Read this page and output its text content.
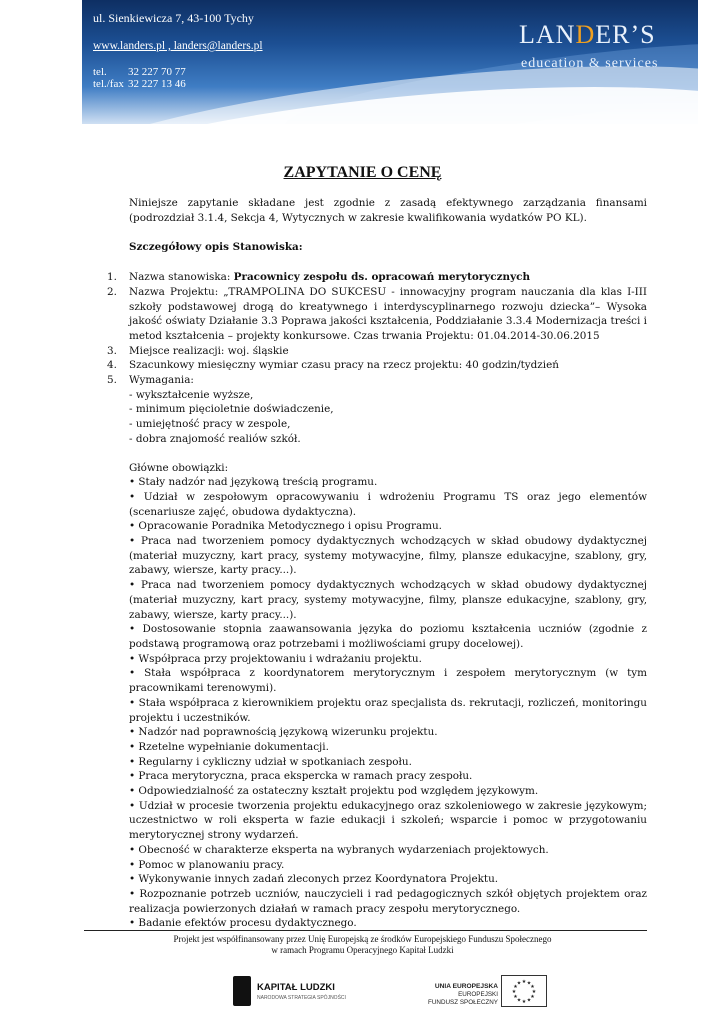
ul. Sienkiewicza 7, 43-100 Tychy
www.landers.pl , landers@landers.pl
tel. 32 227 70 77
tel./fax 32 227 13 46
LANDER’S
education & services
ZAPYTANIE O CENĘ

Niniejsze zapytanie składane jest zgodnie z zasadą efektywnego zarządzania finansami (podrozdział 3.1.4, Sekcja 4, Wytycznych w zakresie kwalifikowania wydatków PO KL).

Szczegółowy opis Stanowiska:

1. Nazwa stanowiska: Pracownicy zespołu ds. opracowań merytorycznych
2. Nazwa Projektu: „TRAMPOLINA DO SUKCESU - innowacyjny program nauczania dla klas I-III szkoły podstawowej drogą do kreatywnego i interdyscyplinarnego rozwoju dziecka”– Wysoka jakość oświaty Działanie 3.3 Poprawa jakości kształcenia, Poddziałanie 3.3.4 Modernizacja treści i metod kształcenia – projekty konkursowe. Czas trwania Projektu: 01.04.2014-30.06.2015
3. Miejsce realizacji: woj. śląskie
4. Szacunkowy miesięczny wymiar czasu pracy na rzecz projektu: 40 godzin/tydzień
5. Wymagania:
- wykształcenie wyższe,
- minimum pięcioletnie doświadczenie,
- umiejętność pracy w zespole,
- dobra znajomość realiów szkół.

Główne obowiązki:

• Stały nadzór nad językową treścią programu.
• Udział w zespołowym opracowywaniu i wdrożeniu Programu TS oraz jego elementów (scenariusze zajęć, obudowa dydaktyczna).
• Opracowanie Poradnika Metodycznego i opisu Programu.
• Praca nad tworzeniem pomocy dydaktycznych wchodzących w skład obudowy dydaktycznej (materiał muzyczny, kart pracy, systemy motywacyjne, filmy, plansze edukacyjne, szablony, gry, zabawy, wiersze, karty pracy...).
• Praca nad tworzeniem pomocy dydaktycznych wchodzących w skład obudowy dydaktycznej (materiał muzyczny, kart pracy, systemy motywacyjne, filmy, plansze edukacyjne, szablony, gry, zabawy, wiersze, karty pracy...).
• Dostosowanie stopnia zaawansowania języka do poziomu kształcenia uczniów (zgodnie z podstawą programową oraz potrzebami i możliwościami grupy docelowej).
• Współpraca przy projektowaniu i wdrażaniu projektu.
• Stała współpraca z koordynatorem merytorycznym i zespołem merytorycznym (w tym pracownikami terenowymi).
• Stała współpraca z kierownikiem projektu oraz specjalista ds. rekrutacji, rozliczeń, monitoringu projektu i uczestników.
• Nadzór nad poprawnością językową wizerunku projektu.
• Rzetelne wypełnianie dokumentacji.
• Regularny i cykliczny udział w spotkaniach zespołu.
• Praca merytoryczna, praca ekspercka w ramach pracy zespołu.
• Odpowiedzialność za ostateczny kształt projektu pod względem językowym.
• Udział w procesie tworzenia projektu edukacyjnego oraz szkoleniowego w zakresie językowym; uczestnictwo w roli eksperta w fazie edukacji i szkoleń; wsparcie i pomoc w przygotowaniu merytorycznej strony wydarzeń.
• Obecność w charakterze eksperta na wybranych wydarzeniach projektowych.
• Pomoc w planowaniu pracy.
• Wykonywanie innych zadań zleconych przez Koordynatora Projektu.
• Rozpoznanie potrzeb uczniów, nauczycieli i rad pedagogicznych szkół objętych projektem oraz realizacja powierzonych działań w ramach pracy zespołu merytorycznego.
• Badanie efektów procesu dydaktycznego.
Projekt jest współfinansowany przez Unię Europejską ze środków Europejskiego Funduszu Społecznego
w ramach Programu Operacyjnego Kapitał Ludzki
KAPITAŁ LUDZKI
NARODOWA STRATEGIA SPÓJNOŚCI
UNIA EUROPEJSKA
EUROPEJSKI
FUNDUSZ SPOŁECZNY
★ ★
★
★
★
★
★
★
★
★
★
★
